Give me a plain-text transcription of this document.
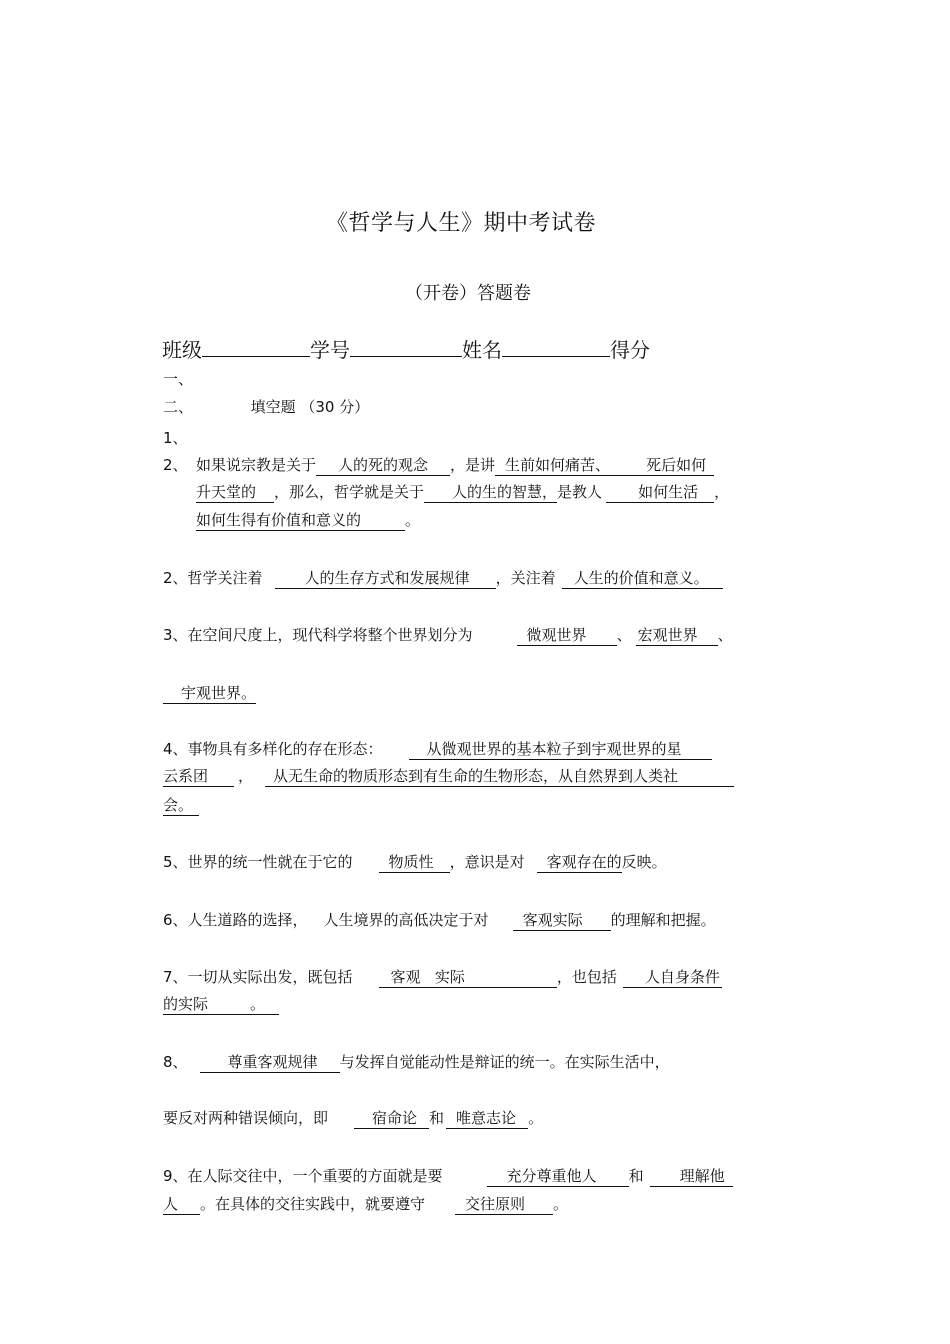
《哲学与人生》期中考试卷
（开卷）答题卷
班级	学号	姓名	得分
一、
二、	填空题 （30 分）
1、
2、 如果说宗教是关于 人的死的观念 ，是讲 生前如何痛苦、 死后如何
升天堂的 ，那么，哲学就是关于 人的生的智慧，是教人 如何生活 ，
如何生得有价值和意义的	。
2、哲学关注着	人的生存方式和发展规律 ，关注着 人生的价值和意义。
3、在空间尺度上，现代科学将整个世界划分为	微观世界 、 宏观世界 、
宇观世界。
4、事物具有多样化的存在形态：	从微观世界的基本粒子到宇观世界的星
云系团 ， 从无生命的物质形态到有生命的生物形态，从自然界到人类社
会。
5、世界的统一性就在于它的 物质性 ，意识是对 客观存在的反映。
6、人生道路的选择， 人生境界的高低决定于对 客观实际 的理解和把握。
7、一切从实际出发，既包括	客观   实际	，也包括 人自身条件
的实际	。
8、	尊重客观规律 与发挥自觉能动性是辩证的统一。在实际生活中，
要反对两种错误倾向，即	宿命论 和 唯意志论 。
9、在人际交往中，一个重要的方面就是要	充分尊重他人 和 理解他
人 。在具体的交往实践中，就要遵守	交往原则 。
